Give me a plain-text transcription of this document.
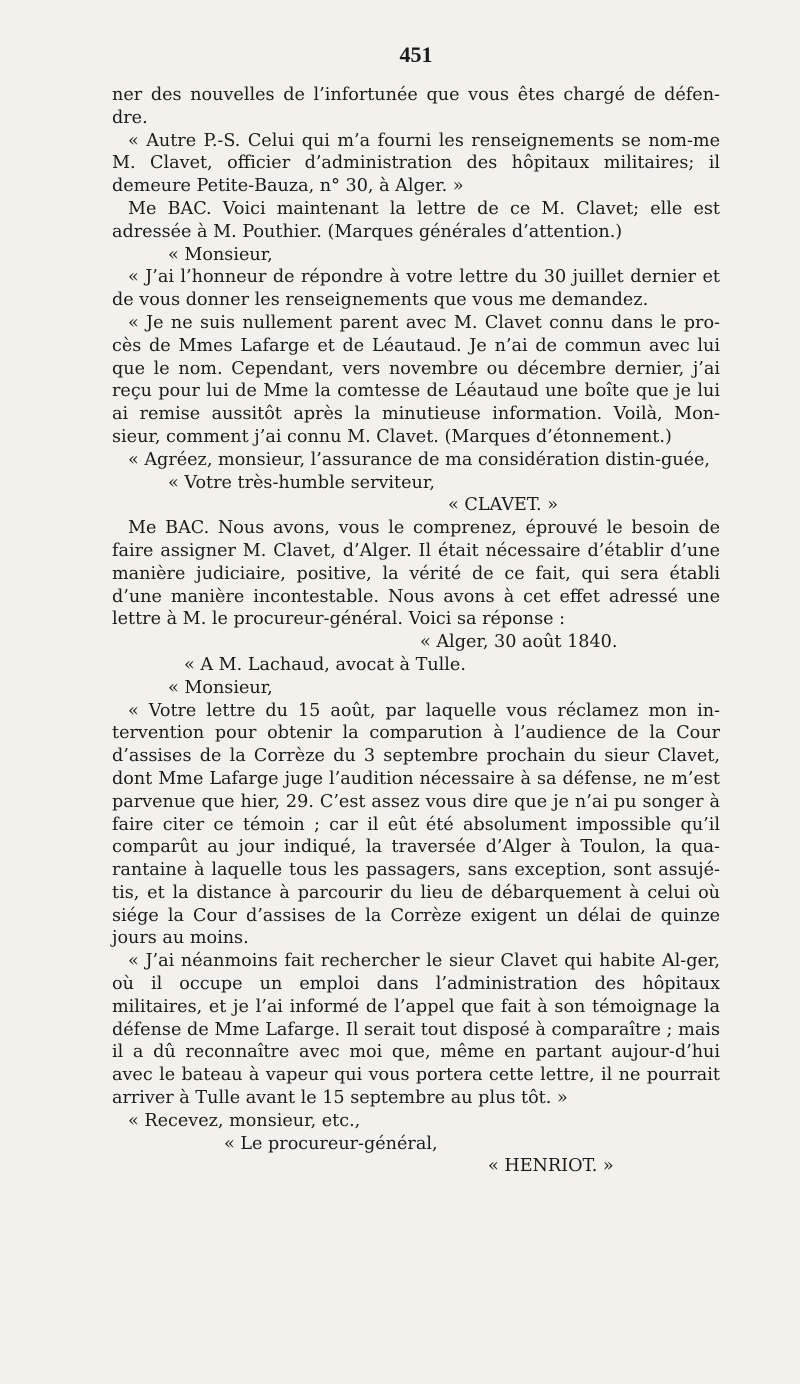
451

ner des nouvelles de l’infortunée que vous êtes chargé de défen-dre.

« Autre P.-S. Celui qui m’a fourni les renseignements se nom-me M. Clavet, officier d’administration des hôpitaux militaires; il demeure Petite-Bauza, n° 30, à Alger. »

Me BAC. Voici maintenant la lettre de ce M. Clavet; elle est adressée à M. Pouthier. (Marques générales d’attention.)

« Monsieur,

« J’ai l’honneur de répondre à votre lettre du 30 juillet dernier et de vous donner les renseignements que vous me demandez.

« Je ne suis nullement parent avec M. Clavet connu dans le pro-cès de Mmes Lafarge et de Léautaud. Je n’ai de commun avec lui que le nom. Cependant, vers novembre ou décembre dernier, j’ai reçu pour lui de Mme la comtesse de Léautaud une boîte que je lui ai remise aussitôt après la minutieuse information. Voilà, Mon-sieur, comment j’ai connu M. Clavet. (Marques d’étonnement.)

« Agréez, monsieur, l’assurance de ma considération distin-guée,

« Votre très-humble serviteur,

« CLAVET. »

Me BAC. Nous avons, vous le comprenez, éprouvé le besoin de faire assigner M. Clavet, d’Alger. Il était nécessaire d’établir d’une manière judiciaire, positive, la vérité de ce fait, qui sera établi d’une manière incontestable. Nous avons à cet effet adressé une lettre à M. le procureur-général. Voici sa réponse :

« Alger, 30 août 1840.

« A M. Lachaud, avocat à Tulle.

« Monsieur,

« Votre lettre du 15 août, par laquelle vous réclamez mon in-tervention pour obtenir la comparution à l’audience de la Cour d’assises de la Corrèze du 3 septembre prochain du sieur Clavet, dont Mme Lafarge juge l’audition nécessaire à sa défense, ne m’est parvenue que hier, 29. C’est assez vous dire que je n’ai pu songer à faire citer ce témoin ; car il eût été absolument impossible qu’il comparût au jour indiqué, la traversée d’Alger à Toulon, la qua-rantaine à laquelle tous les passagers, sans exception, sont assujé-tis, et la distance à parcourir du lieu de débarquement à celui où siége la Cour d’assises de la Corrèze exigent un délai de quinze jours au moins.

« J’ai néanmoins fait rechercher le sieur Clavet qui habite Al-ger, où il occupe un emploi dans l’administration des hôpitaux militaires, et je l’ai informé de l’appel que fait à son témoignage la défense de Mme Lafarge. Il serait tout disposé à comparaître ; mais il a dû reconnaître avec moi que, même en partant aujour-d’hui avec le bateau à vapeur qui vous portera cette lettre, il ne pourrait arriver à Tulle avant le 15 septembre au plus tôt. »

« Recevez, monsieur, etc.,

« Le procureur-général,

« HENRIOT. »
